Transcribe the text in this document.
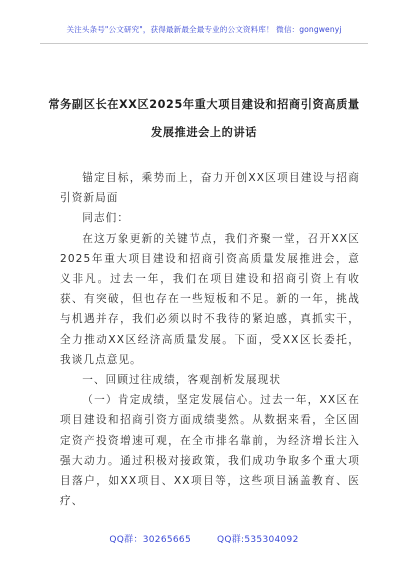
关注头条号"公文研究"，获得最新最全最专业的公文资料库！ 微信：gongwenyj
常务副区长在XX区2025年重大项目建设和招商引资高质量
发展推进会上的讲话

锚定目标，乘势而上，奋力开创XX区项目建设与招商引资新局面

同志们：

在这万象更新的关键节点，我们齐聚一堂，召开XX区2025年重大项目建设和招商引资高质量发展推进会，意义非凡。过去一年，我们在项目建设和招商引资上有收获、有突破，但也存在一些短板和不足。新的一年，挑战与机遇并存，我们必须以时不我待的紧迫感，真抓实干，全力推动XX区经济高质量发展。下面，受XX区长委托，我谈几点意见。

一、回顾过往成绩，客观剖析发展现状

（一）肯定成绩，坚定发展信心。过去一年，XX区在项目建设和招商引资方面成绩斐然。从数据来看，全区固定资产投资增速可观，在全市排名靠前，为经济增长注入强大动力。通过积极对接政策，我们成功争取多个重大项目落户，如XX项目、XX项目等，这些项目涵盖教育、医疗、

QQ群：30265665	QQ群:535304092
